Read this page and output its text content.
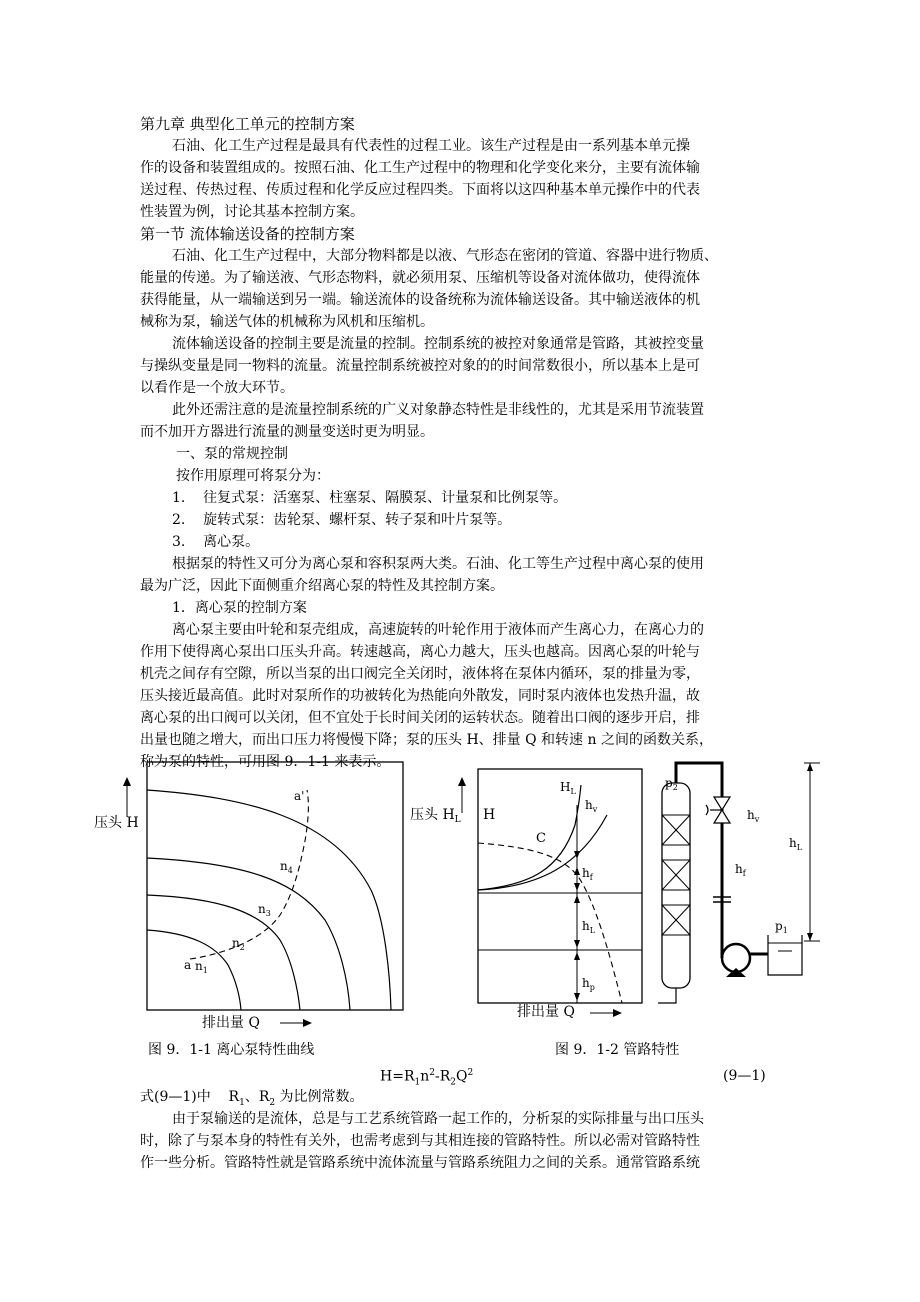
第九章 典型化工单元的控制方案
石油、化工生产过程是最具有代表性的过程工业。该生产过程是由一系列基本单元操
作的设备和装置组成的。按照石油、化工生产过程中的物理和化学变化来分，主要有流体输
送过程、传热过程、传质过程和化学反应过程四类。下面将以这四种基本单元操作中的代表
性装置为例，讨论其基本控制方案。
第一节 流体输送设备的控制方案
石油、化工生产过程中，大部分物料都是以液、气形态在密闭的管道、容器中进行物质、
能量的传递。为了输送液、气形态物料，就必须用泵、压缩机等设备对流体做功，使得流体
获得能量，从一端输送到另一端。输送流体的设备统称为流体输送设备。其中输送液体的机
械称为泵，输送气体的机械称为风机和压缩机。
流体输送设备的控制主要是流量的控制。控制系统的被控对象通常是管路，其被控变量
与操纵变量是同一物料的流量。流量控制系统被控对象的的时间常数很小，所以基本上是可
以看作是一个放大环节。
此外还需注意的是流量控制系统的广义对象静态特性是非线性的，尤其是采用节流装置
而不加开方器进行流量的测量变送时更为明显。
一、泵的常规控制
按作用原理可将泵分为：
1. 往复式泵：活塞泵、柱塞泵、隔膜泵、计量泵和比例泵等。
2. 旋转式泵：齿轮泵、螺杆泵、转子泵和叶片泵等。
3. 离心泵。
根据泵的特性又可分为离心泵和容积泵两大类。石油、化工等生产过程中离心泵的使用
最为广泛，因此下面侧重介绍离心泵的特性及其控制方案。
1．离心泵的控制方案
离心泵主要由叶轮和泵壳组成，高速旋转的叶轮作用于液体而产生离心力，在离心力的
作用下使得离心泵出口压头升高。转速越高，离心力越大，压头也越高。因离心泵的叶轮与
机壳之间存有空隙，所以当泵的出口阀完全关闭时，液体将在泵体内循环，泵的排量为零，
压头接近最高值。此时对泵所作的功被转化为热能向外散发，同时泵内液体也发热升温，故
离心泵的出口阀可以关闭，但不宜处于长时间关闭的运转状态。随着出口阀的逐步开启，排
出量也随之增大，而出口压力将慢慢下降；泵的压头 H、排量 Q 和转速 n 之间的函数关系，
称为泵的特性，可用图 9．1-1 来表示。
压头 H
a'
a $n_1$
$n_2$
$n_3$
$n_4$
排出量 Q
图 9．1-1 离心泵特性曲线
压头 $H_L$ H
$H_L$
$h_v$
C
$h_f$
$h_L$
$h_p$
排出量 Q
$p_2$
$h_v$
$h_f$
$p_1$
$h_L$
图 9．1-2 管路特性
$H=R_1n^2-R_2Q^2$	(9—1)
式(9—1)中    $R_1$、$R_2$ 为比例常数。
由于泵输送的是流体，总是与工艺系统管路一起工作的，分析泵的实际排量与出口压头
时，除了与泵本身的特性有关外，也需考虑到与其相连接的管路特性。所以必需对管路特性
作一些分析。管路特性就是管路系统中流体流量与管路系统阻力之间的关系。通常管路系统
